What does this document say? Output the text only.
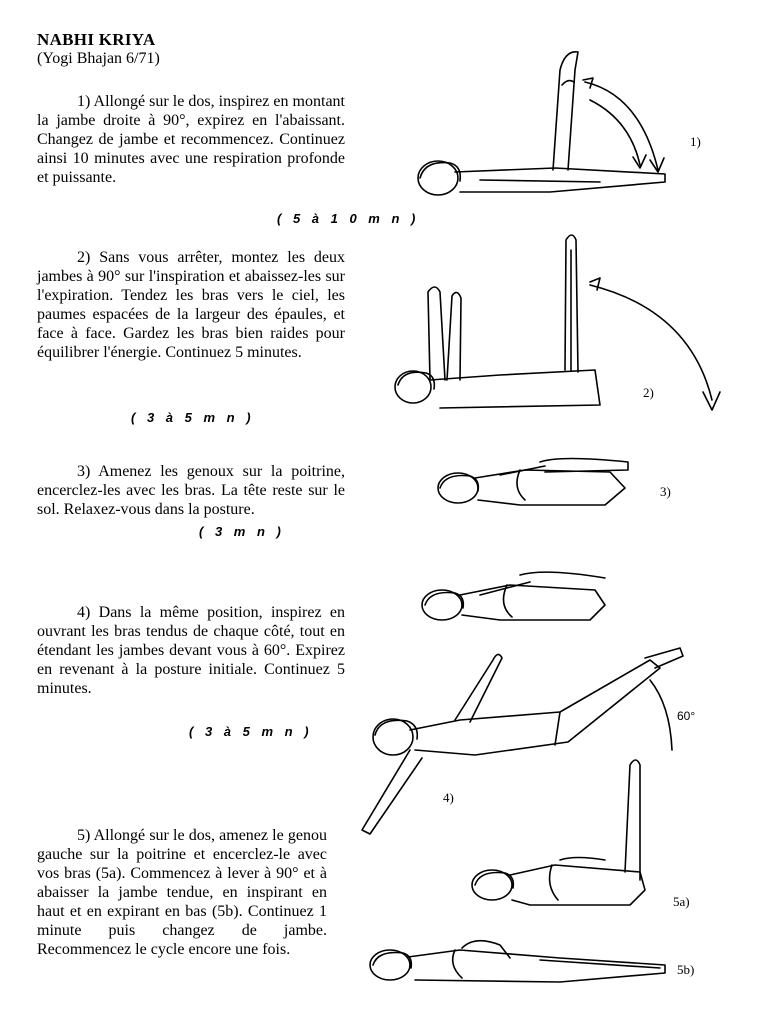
NABHI KRIYA
(Yogi Bhajan 6/71)
1) Allongé sur le dos, inspirez en montant la jambe droite à 90°, expirez en l'abaissant. Changez de jambe et recommencez. Continuez ainsi 10 minutes avec une respiration profonde et puissante.
( 5 à 1 0 m n )
2) Sans vous arrêter, montez les deux jambes à 90° sur l'inspiration et abaissez-les sur l'expiration. Tendez les bras vers le ciel, les paumes espacées de la largeur des épaules, et face à face. Gardez les bras bien raides pour équilibrer l'énergie. Continuez 5 minutes.
( 3 à 5 m n )
3) Amenez les genoux sur la poitrine, encerclez-les avec les bras. La tête reste sur le sol. Relaxez-vous dans la posture.
( 3 m n )
4) Dans la même position, inspirez en ouvrant les bras tendus de chaque côté, tout en étendant les jambes devant vous à 60°. Expirez en revenant à la posture initiale. Continuez 5 minutes.
( 3 à 5 m n )
5) Allongé sur le dos, amenez le genou gauche sur la poitrine et encerclez-le avec vos bras (5a). Commencez à lever à 90° et à abaisser la jambe tendue, en inspirant en haut et en expirant en bas (5b). Continuez 1 minute puis changez de jambe. Recommencez le cycle encore une fois.
1)
2)
3)
4)
60°
5a)
5b)
